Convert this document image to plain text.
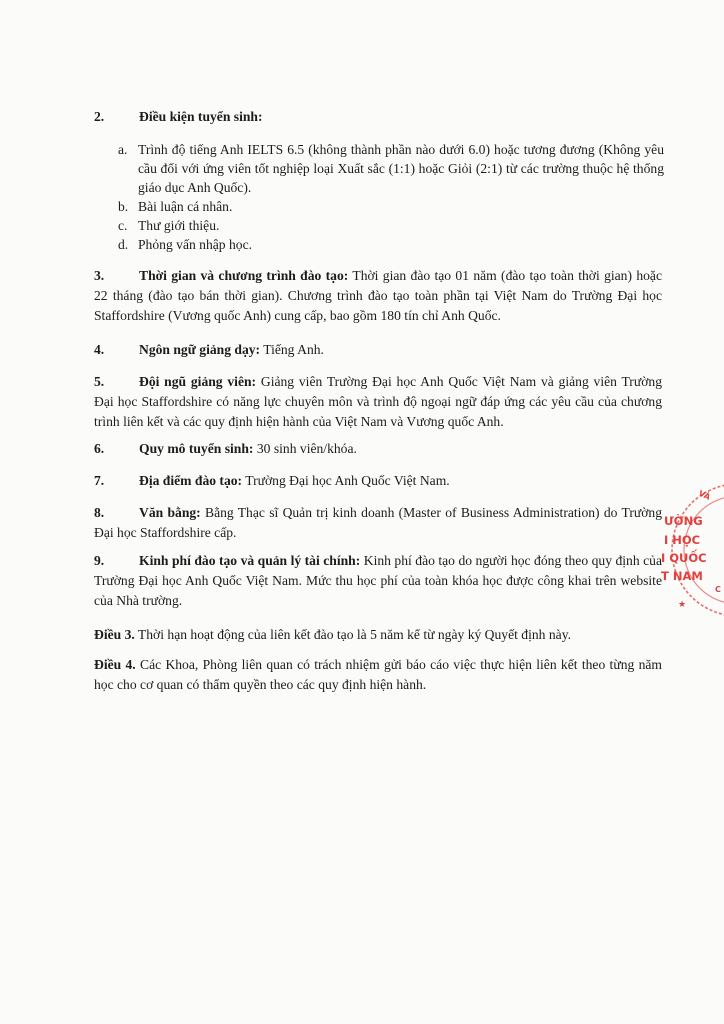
2.	Điều kiện tuyển sinh:
a. Trình độ tiếng Anh IELTS 6.5 (không thành phần nào dưới 6.0) hoặc tương đương (Không yêu cầu đối với ứng viên tốt nghiệp loại Xuất sắc (1:1) hoặc Giỏi (2:1) từ các trường thuộc hệ thống giáo dục Anh Quốc).
b. Bài luận cá nhân.
c. Thư giới thiệu.
d. Phỏng vấn nhập học.
3.	Thời gian và chương trình đào tạo: Thời gian đào tạo 01 năm (đào tạo toàn thời gian) hoặc 22 tháng (đào tạo bán thời gian). Chương trình đào tạo toàn phần tại Việt Nam do Trường Đại học Staffordshire (Vương quốc Anh) cung cấp, bao gồm 180 tín chỉ Anh Quốc.
4.	Ngôn ngữ giảng dạy: Tiếng Anh.
5.	Đội ngũ giảng viên: Giảng viên Trường Đại học Anh Quốc Việt Nam và giảng viên Trường Đại học Staffordshire có năng lực chuyên môn và trình độ ngoại ngữ đáp ứng các yêu cầu của chương trình liên kết và các quy định hiện hành của Việt Nam và Vương quốc Anh.
6.	Quy mô tuyển sinh: 30 sinh viên/khóa.
7.	Địa điểm đào tạo: Trường Đại học Anh Quốc Việt Nam.
8.	Văn bằng: Bằng Thạc sĩ Quản trị kinh doanh (Master of Business Administration) do Trường Đại học Staffordshire cấp.
9.	Kinh phí đào tạo và quản lý tài chính: Kinh phí đào tạo do người học đóng theo quy định của Trường Đại học Anh Quốc Việt Nam. Mức thu học phí của toàn khóa học được công khai trên website của Nhà trường.
Điều 3. Thời hạn hoạt động của liên kết đào tạo là 5 năm kể từ ngày ký Quyết định này.
Điều 4. Các Khoa, Phòng liên quan có trách nhiệm gửi báo cáo việc thực hiện liên kết theo từng năm học cho cơ quan có thẩm quyền theo các quy định hiện hành.
VÀ
ƯỜNG
I HỌC
I QUỐC
T NAM
C
★
